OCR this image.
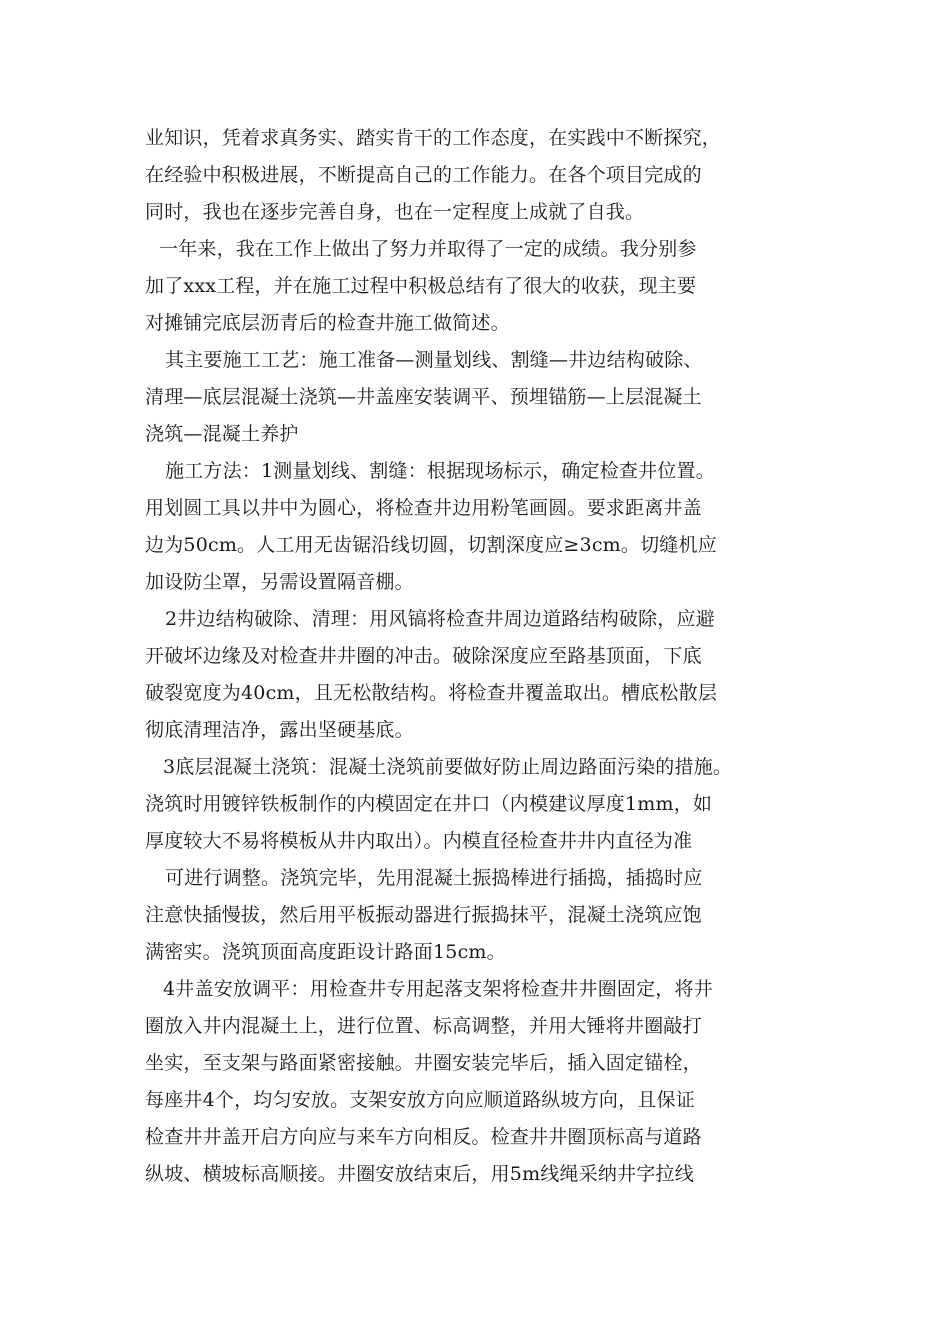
业知识，凭着求真务实、踏实肯干的工作态度，在实践中不断探究，
在经验中积极进展，不断提高自己的工作能力。在各个项目完成的
同时，我也在逐步完善自身，也在一定程度上成就了自我。
一年来，我在工作上做出了努力并取得了一定的成绩。我分别参
加了xxx工程，并在施工过程中积极总结有了很大的收获，现主要
对摊铺完底层沥青后的检查井施工做简述。
其主要施工工艺：施工准备—测量划线、割缝—井边结构破除、
清理—底层混凝土浇筑—井盖座安装调平、预埋锚筋—上层混凝土
浇筑—混凝土养护
施工方法：1测量划线、割缝：根据现场标示，确定检查井位置。
用划圆工具以井中为圆心，将检查井边用粉笔画圆。要求距离井盖
边为50cm。人工用无齿锯沿线切圆，切割深度应≥3cm。切缝机应
加设防尘罩，另需设置隔音棚。
2井边结构破除、清理：用风镐将检查井周边道路结构破除，应避
开破坏边缘及对检查井井圈的冲击。破除深度应至路基顶面，下底
破裂宽度为40cm，且无松散结构。将检查井覆盖取出。槽底松散层
彻底清理洁净，露出坚硬基底。
3底层混凝土浇筑：混凝土浇筑前要做好防止周边路面污染的措施。
浇筑时用镀锌铁板制作的内模固定在井口（内模建议厚度1mm，如
厚度较大不易将模板从井内取出）。内模直径检查井井内直径为准
可进行调整。浇筑完毕，先用混凝土振捣棒进行插捣，插捣时应
注意快插慢拔，然后用平板振动器进行振捣抹平，混凝土浇筑应饱
满密实。浇筑顶面高度距设计路面15cm。
4井盖安放调平：用检查井专用起落支架将检查井井圈固定，将井
圈放入井内混凝土上，进行位置、标高调整，并用大锤将井圈敲打
坐实，至支架与路面紧密接触。井圈安装完毕后，插入固定锚栓，
每座井4个，均匀安放。支架安放方向应顺道路纵坡方向，且保证
检查井井盖开启方向应与来车方向相反。检查井井圈顶标高与道路
纵坡、横坡标高顺接。井圈安放结束后，用5m线绳采纳井字拉线
